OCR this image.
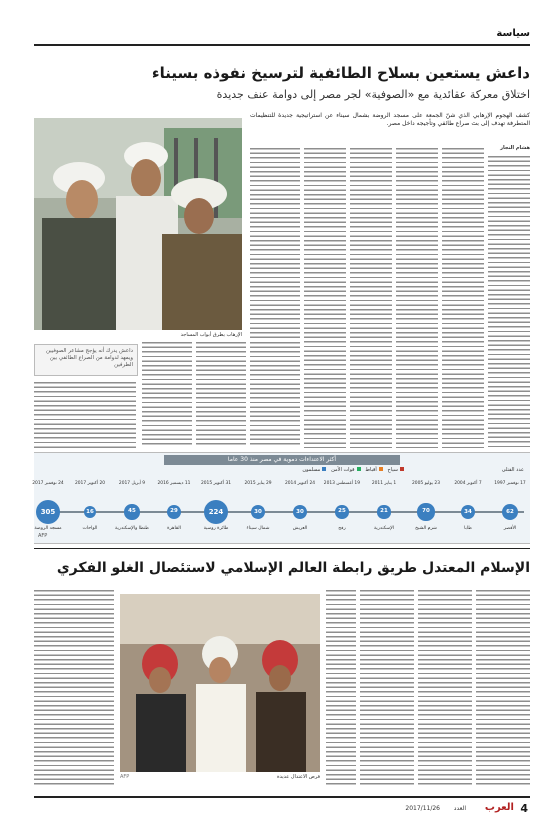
سياسة
داعش يستعين بسلاح الطائفية لترسيخ نفوذه بسيناء
اختلاق معركة عقائدية مع «الصوفية» لجر مصر إلى دوامة عنف جديدة
كشف الهجوم الإرهابي الذي شنّ الجمعة على مسجد الروضة بشمال سيناء عن استراتيجية جديدة للتنظيمات المتطرفة تهدف إلى بث صراع طائفي وتأجيجه داخل مصر.
الإرهاب يطرق أبواب المساجد
هشام النجار
داعش يدرك أنه يؤجج مشاعر الصوفيين ويمهد لدوامة من الصراع الطائفي بين الطرفين
أكثر الاعتداءات دموية في مصر منذ 30 عاما
عدد القتلى
سياح   أقباط   قوات الأمن   مسلمون
62
17 نوفمبر 1997
الأقصر
34
7 أكتوبر 2004
طابا
70
23 يوليو 2005
شرم الشيخ
21
1 يناير 2011
الإسكندرية
25
19 أغسطس 2013
رفح
30
24 أكتوبر 2014
العريش
30
29 يناير 2015
شمال سيناء
224
31 أكتوبر 2015
طائرة روسية
29
11 ديسمبر 2016
القاهرة
45
9 أبريل 2017
طنطا والإسكندرية
16
20 أكتوبر 2017
الواحات
305
24 نوفمبر 2017
مسجد الروضة
AFP
الإسلام المعتدل طريق رابطة العالم الإسلامي لاستئصال الغلو الفكري
فرص الاعتدال عديدة
AFP
4
العرب
العدد
2017/11/26
